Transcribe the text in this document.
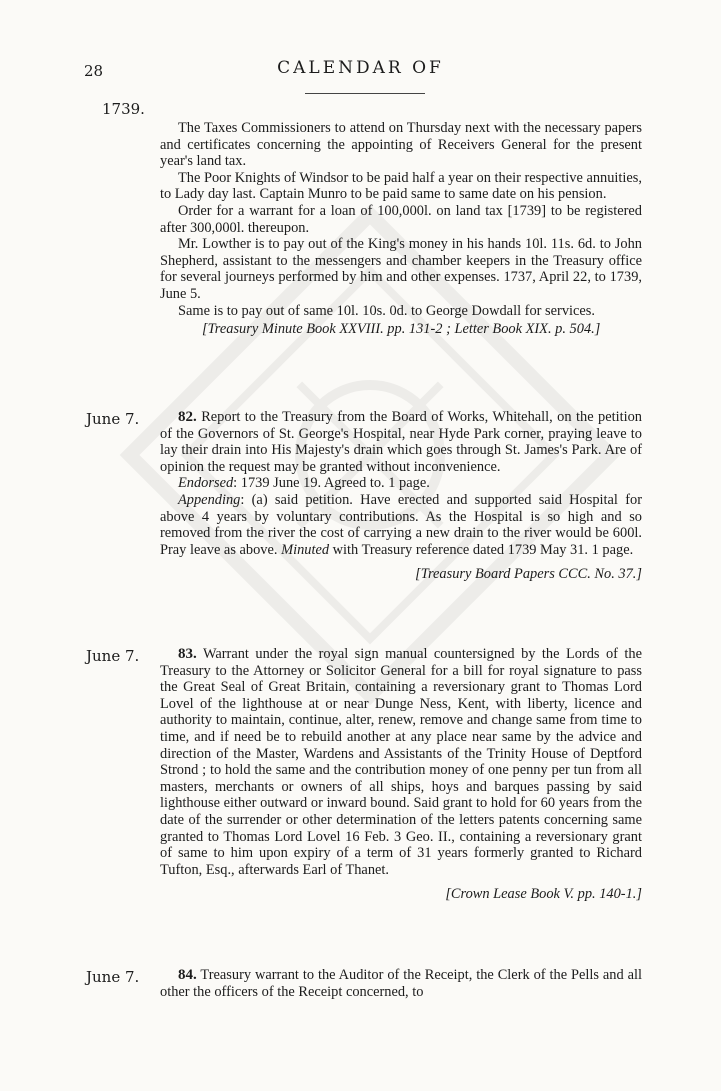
28	CALENDAR OF
1739.

The Taxes Commissioners to attend on Thursday next with the necessary papers and certificates concerning the appointing of Receivers General for the present year's land tax.

The Poor Knights of Windsor to be paid half a year on their respective annuities, to Lady day last. Captain Munro to be paid same to same date on his pension.

Order for a warrant for a loan of 100,000l. on land tax [1739] to be registered after 300,000l. thereupon.

Mr. Lowther is to pay out of the King's money in his hands 10l. 11s. 6d. to John Shepherd, assistant to the messengers and chamber keepers in the Treasury office for several journeys performed by him and other expenses. 1737, April 22, to 1739, June 5.

Same is to pay out of same 10l. 10s. 0d. to George Dowdall for services.

[Treasury Minute Book XXVIII. pp. 131-2 ; Letter Book XIX. p. 504.]

June 7.	82. Report to the Treasury from the Board of Works, Whitehall, on the petition of the Governors of St. George's Hospital, near Hyde Park corner, praying leave to lay their drain into His Majesty's drain which goes through St. James's Park. Are of opinion the request may be granted without inconvenience.

Endorsed: 1739 June 19. Agreed to. 1 page.

Appending: (a) said petition. Have erected and supported said Hospital for above 4 years by voluntary contributions. As the Hospital is so high and so removed from the river the cost of carrying a new drain to the river would be 600l. Pray leave as above. Minuted with Treasury reference dated 1739 May 31. 1 page.

[Treasury Board Papers CCC. No. 37.]

June 7.	83. Warrant under the royal sign manual countersigned by the Lords of the Treasury to the Attorney or Solicitor General for a bill for royal signature to pass the Great Seal of Great Britain, containing a reversionary grant to Thomas Lord Lovel of the lighthouse at or near Dunge Ness, Kent, with liberty, licence and authority to maintain, continue, alter, renew, remove and change same from time to time, and if need be to rebuild another at any place near same by the advice and direction of the Master, Wardens and Assistants of the Trinity House of Deptford Strond ; to hold the same and the contribution money of one penny per tun from all masters, merchants or owners of all ships, hoys and barques passing by said lighthouse either outward or inward bound. Said grant to hold for 60 years from the date of the surrender or other determination of the letters patents concerning same granted to Thomas Lord Lovel 16 Feb. 3 Geo. II., containing a reversionary grant of same to him upon expiry of a term of 31 years formerly granted to Richard Tufton, Esq., afterwards Earl of Thanet.

[Crown Lease Book V. pp. 140-1.]

June 7.	84. Treasury warrant to the Auditor of the Receipt, the Clerk of the Pells and all other the officers of the Receipt concerned, to
